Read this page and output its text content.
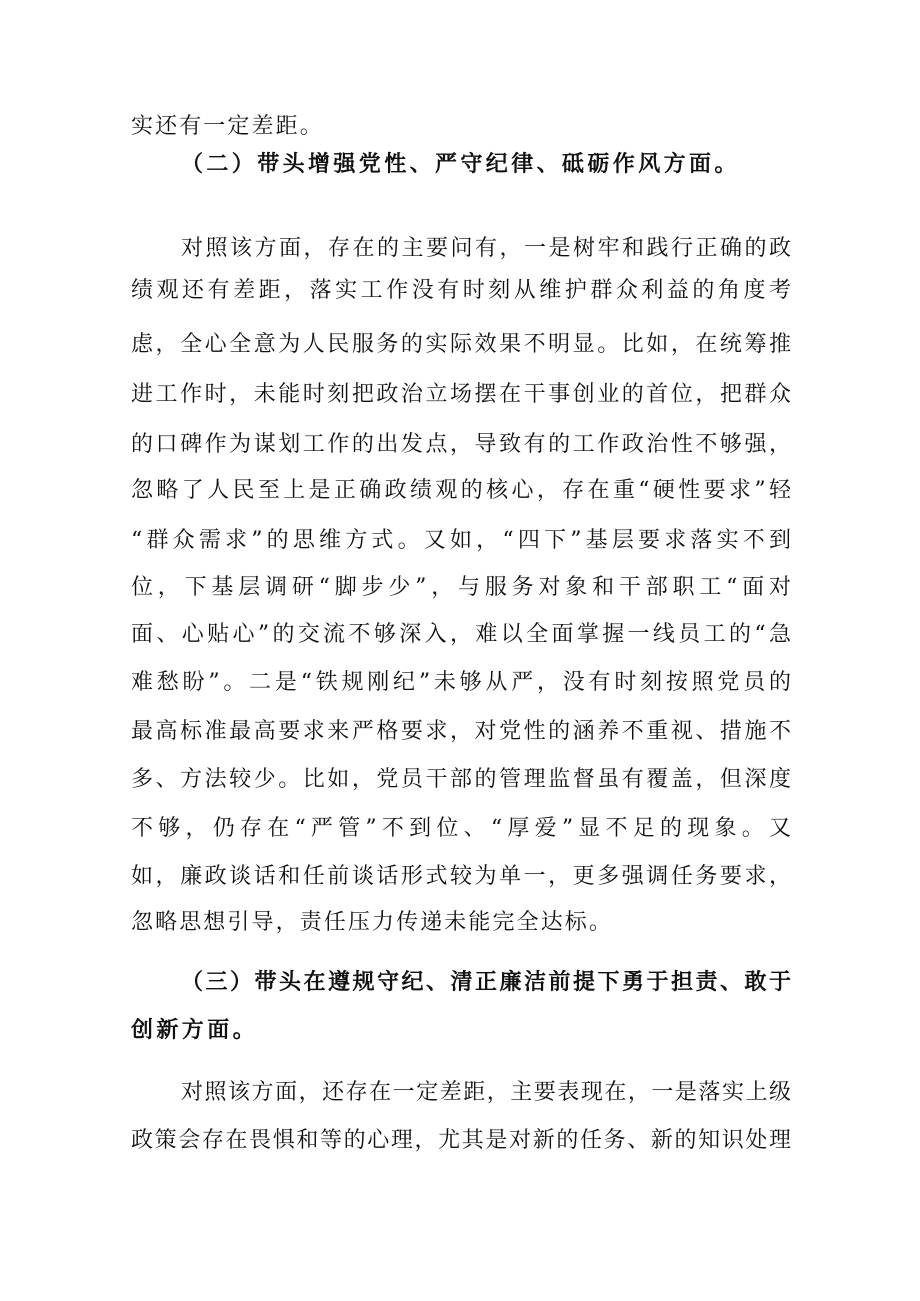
实还有一定差距。
（二）带头增强党性、严守纪律、砥砺作风方面。
对照该方面，存在的主要问有，一是树牢和践行正确的政
绩观还有差距，落实工作没有时刻从维护群众利益的角度考
虑，全心全意为人民服务的实际效果不明显。比如，在统筹推
进工作时，未能时刻把政治立场摆在干事创业的首位，把群众
的口碑作为谋划工作的出发点，导致有的工作政治性不够强，
忽略了人民至上是正确政绩观的核心，存在重“硬性要求”轻
“群众需求”的思维方式。又如，“四下”基层要求落实不到
位，下基层调研“脚步少”，与服务对象和干部职工“面对
面、心贴心”的交流不够深入，难以全面掌握一线员工的“急
难愁盼”。二是“铁规刚纪”未够从严，没有时刻按照党员的
最高标准最高要求来严格要求，对党性的涵养不重视、措施不
多、方法较少。比如，党员干部的管理监督虽有覆盖，但深度
不够，仍存在“严管”不到位、“厚爱”显不足的现象。又
如，廉政谈话和任前谈话形式较为单一，更多强调任务要求，
忽略思想引导，责任压力传递未能完全达标。
（三）带头在遵规守纪、清正廉洁前提下勇于担责、敢于
创新方面。
对照该方面，还存在一定差距，主要表现在，一是落实上级
政策会存在畏惧和等的心理，尤其是对新的任务、新的知识处理
